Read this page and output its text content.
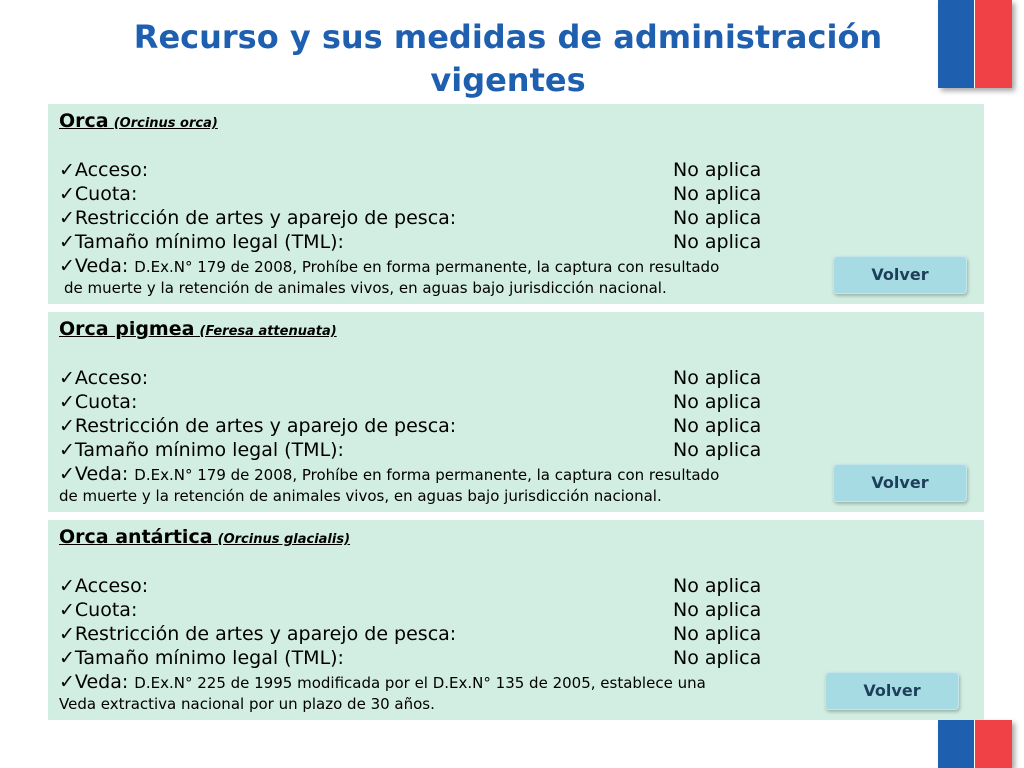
Recurso y sus medidas de administración vigentes
Orca (Orcinus orca)
✓Acceso:	No aplica
✓Cuota:	No aplica
✓Restricción de artes y aparejo de pesca:	No aplica
✓Tamaño mínimo legal (TML):	No aplica
✓Veda: D.Ex.N° 179 de 2008, Prohíbe en forma permanente, la captura con resultado
de muerte y la retención de animales vivos, en aguas bajo jurisdicción nacional.
Volver
Orca pigmea (Feresa attenuata)
✓Acceso:	No aplica
✓Cuota:	No aplica
✓Restricción de artes y aparejo de pesca:	No aplica
✓Tamaño mínimo legal (TML):	No aplica
✓Veda: D.Ex.N° 179 de 2008, Prohíbe en forma permanente, la captura con resultado
de muerte y la retención de animales vivos, en aguas bajo jurisdicción nacional.
Volver
Orca antártica (Orcinus glacialis)
✓Acceso:	No aplica
✓Cuota:	No aplica
✓Restricción de artes y aparejo de pesca:	No aplica
✓Tamaño mínimo legal (TML):	No aplica
✓Veda: D.Ex.N° 225 de 1995 modificada por el D.Ex.N° 135 de 2005, establece una
Veda extractiva nacional por un plazo de 30 años.
Volver
